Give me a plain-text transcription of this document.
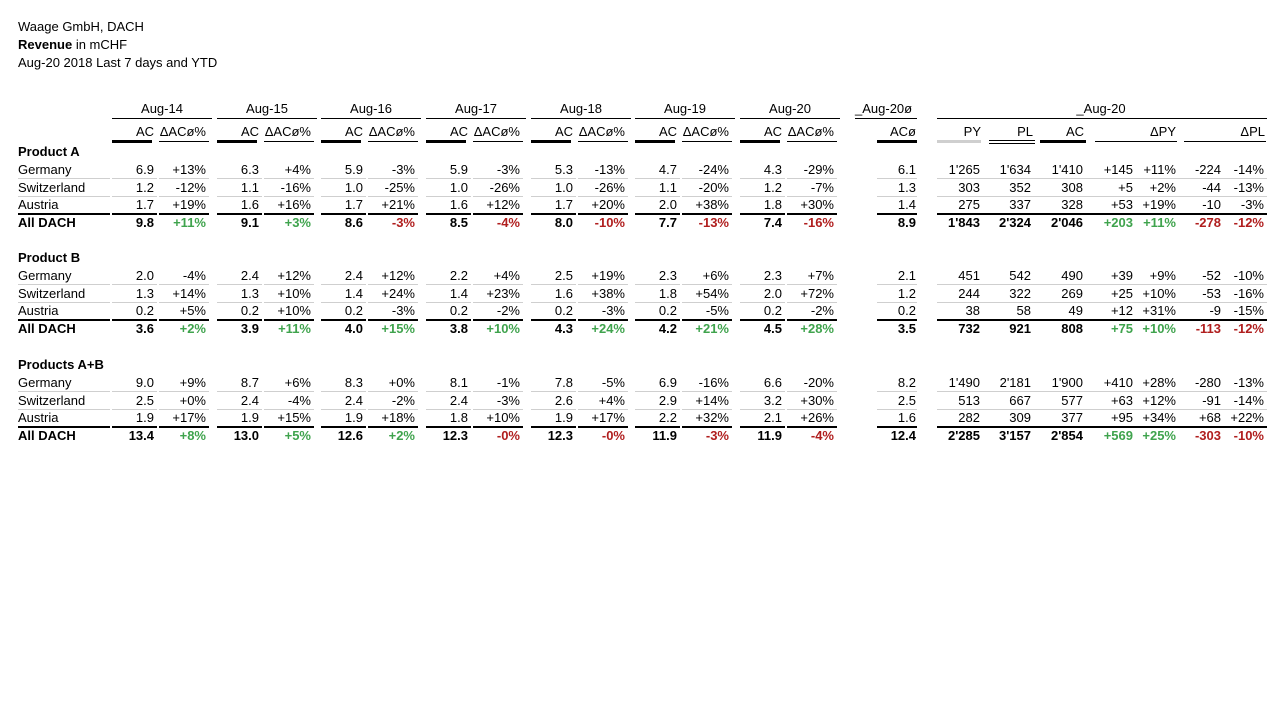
Waage GmbH, DACH
Revenue in mCHF
Aug-20 2018 Last 7 days and YTD
Aug-14
AC ΔACø%
Aug-15
AC ΔACø%
Aug-16
AC ΔACø%
Aug-17
AC ΔACø%
Aug-18
AC ΔACø%
Aug-19
AC ΔACø%
Aug-20
AC ΔACø%
_Aug-20ø
ACø
_Aug-20
PY	PL	AC	ΔPY	ΔPL
Product A
Germany	6.9	+13%	6.3	+4%	5.9	-3%	5.9	-3%	5.3	-13%	4.7	-24%	4.3	-29%	6.1	1'265	1'634	1'410	+145 +11%	-224 -14%
Switzerland	1.2	-12%	1.1	-16%	1.0	-25%	1.0	-26%	1.0	-26%	1.1	-20%	1.2	-7%	1.3	303	352	308	+5	+2%	-44 -13%
Austria	1.7	+19%	1.6	+16%	1.7	+21%	1.6	+12%	1.7	+20%	2.0	+38%	1.8	+30%	1.4	275	337	328	+53 +19%	-10	-3%
All DACH	9.8	+11%	9.1	+3%	8.6	-3%	8.5	-4%	8.0	-10%	7.7	-13%	7.4	-16%	8.9	1'843	2'324	2'046	+203 +11%	-278 -12%
Product B
Germany	2.0	-4%	2.4	+12%	2.4	+12%	2.2	+4%	2.5	+19%	2.3	+6%	2.3	+7%	2.1	451	542	490	+39	+9%	-52 -10%
Switzerland	1.3	+14%	1.3	+10%	1.4	+24%	1.4	+23%	1.6	+38%	1.8	+54%	2.0	+72%	1.2	244	322	269	+25 +10%	-53 -16%
Austria	0.2	+5%	0.2	+10%	0.2	-3%	0.2	-2%	0.2	-3%	0.2	-5%	0.2	-2%	0.2	38	58	49	+12 +31%	-9 -15%
All DACH	3.6	+2%	3.9	+11%	4.0	+15%	3.8	+10%	4.3	+24%	4.2	+21%	4.5	+28%	3.5	732	921	808	+75 +10%	-113 -12%
Products A+B
Germany	9.0	+9%	8.7	+6%	8.3	+0%	8.1	-1%	7.8	-5%	6.9	-16%	6.6	-20%	8.2	1'490	2'181	1'900	+410 +28%	-280 -13%
Switzerland	2.5	+0%	2.4	-4%	2.4	-2%	2.4	-3%	2.6	+4%	2.9	+14%	3.2	+30%	2.5	513	667	577	+63 +12%	-91 -14%
Austria	1.9	+17%	1.9	+15%	1.9	+18%	1.8	+10%	1.9	+17%	2.2	+32%	2.1	+26%	1.6	282	309	377	+95 +34%	+68 +22%
All DACH	13.4	+8%	13.0	+5%	12.6	+2%	12.3	-0%	12.3	-0%	11.9	-3%	11.9	-4%	12.4	2'285	3'157	2'854	+569 +25%	-303 -10%
